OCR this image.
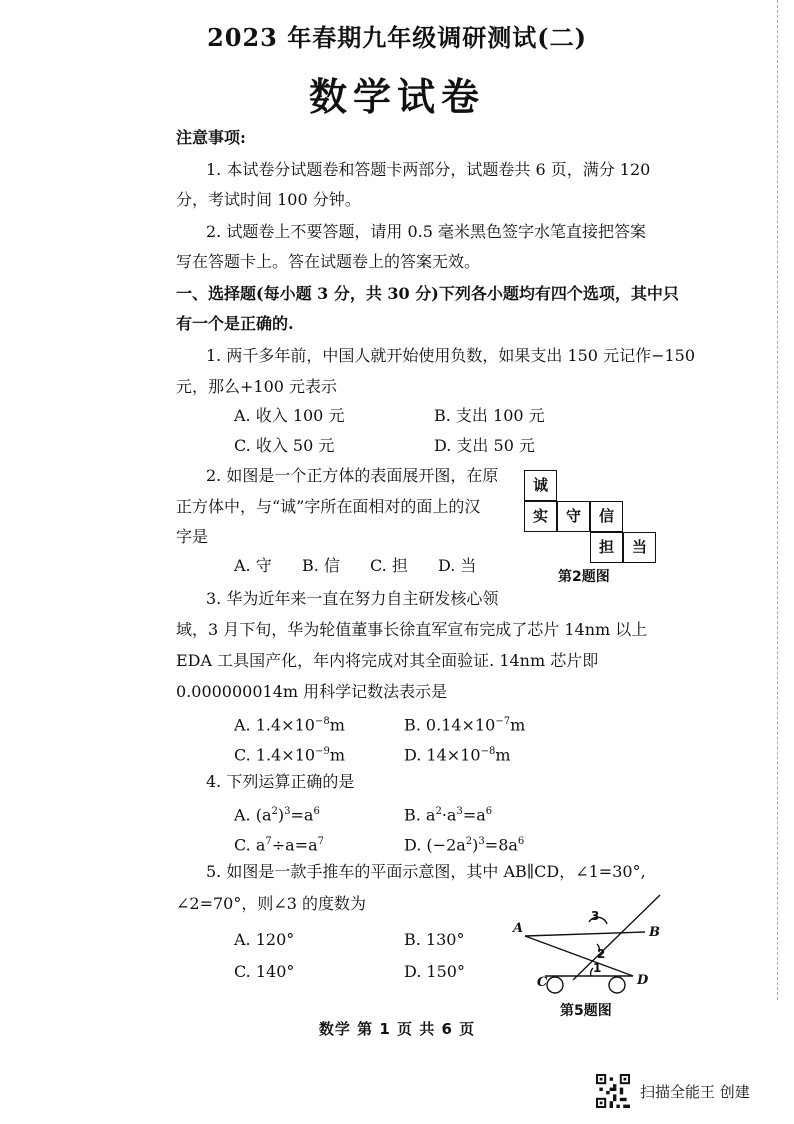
2023 年春期九年级调研测试(二)
数学试卷
注意事项:
1. 本试卷分试题卷和答题卡两部分，试题卷共 6 页，满分 120
分，考试时间 100 分钟。
2. 试题卷上不要答题，请用 0.5 毫米黑色签字水笔直接把答案
写在答题卡上。答在试题卷上的答案无效。
一、选择题(每小题 3 分，共 30 分)下列各小题均有四个选项，其中只
有一个是正确的.
1. 两千多年前，中国人就开始使用负数，如果支出 150 元记作−150
元，那么+100 元表示
A. 收入 100 元	B. 支出 100 元
C. 收入 50 元	D. 支出 50 元
2. 如图是一个正方体的表面展开图，在原
正方体中，与“诚”字所在面相对的面上的汉
字是
A. 守 B. 信 C. 担 D. 当
诚
实	守	信
担	当
第2题图
3. 华为近年来一直在努力自主研发核心领
域，3 月下旬，华为轮值董事长徐直军宣布完成了芯片 14nm 以上
EDA 工具国产化，年内将完成对其全面验证. 14nm 芯片即
0.000000014m 用科学记数法表示是
A. $1.4\times 10^{-8}m$	B. $0.14\times 10^{-7}m$
C. $1.4\times 10^{-9}m$	D. $14\times 10^{-8}m$
4. 下列运算正确的是
A. $(a^2)^3=a^6$	B. $a^2\cdot a^3=a^6$
C. $a^7\div a=a^7$	D. $(-2a^2)^3=8a^6$
5. 如图是一款手推车的平面示意图，其中 AB∥CD，∠1=30°,
∠2=70°，则∠3 的度数为
A. 120°	B. 130°
C. 140°	D. 150°
A	B
C	D
3
2
1
第5题图
数学 第 1 页 共 6 页
扫描全能王 创建
